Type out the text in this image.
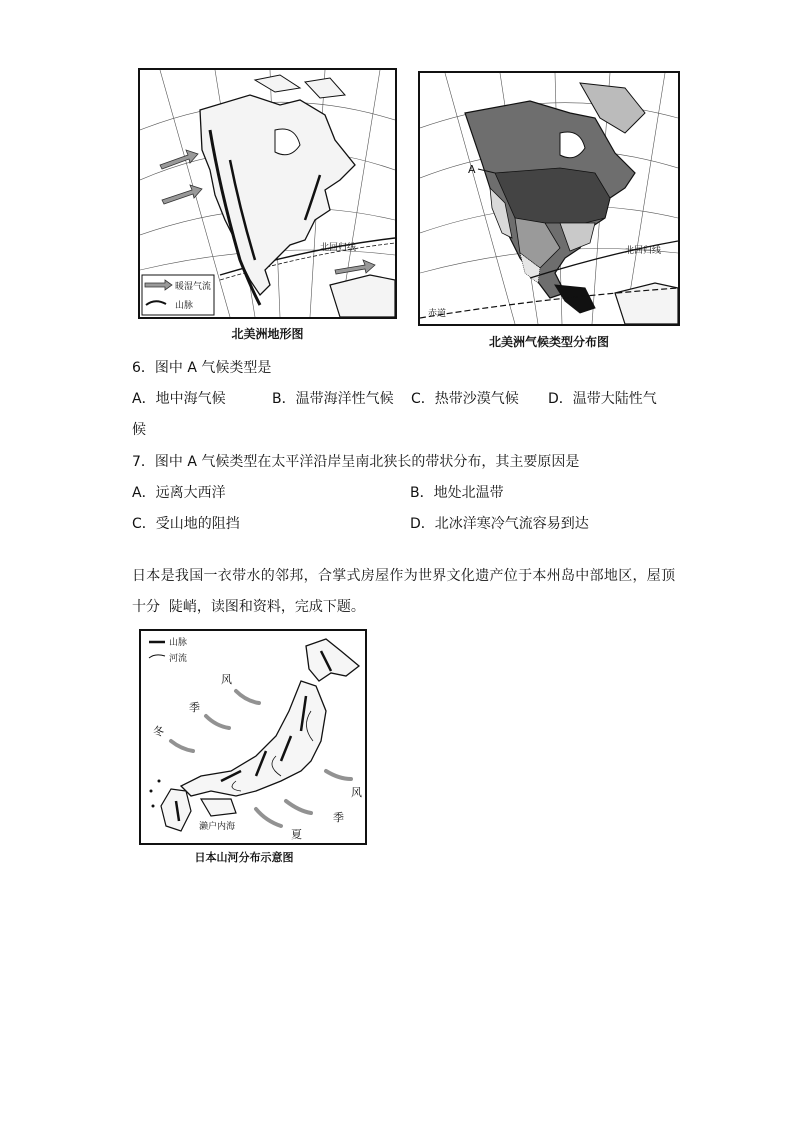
北回归线
暖湿气流
山脉
北美洲地形图
A
北回归线
赤道
北美洲气候类型分布图
6．图中 A 气候类型是
A．地中海气候	B．温带海洋性气候 C．热带沙漠气候 D．温带大陆性气
候
7．图中 A 气候类型在太平洋沿岸呈南北狭长的带状分布，其主要原因是
A．远离大西洋	B．地处北温带
C．受山地的阻挡	D．北冰洋寒冷气流容易到达
日本是我国一衣带水的邻邦，合掌式房屋作为世界文化遗产位于本州岛中部地区，屋顶
十分  陡峭，读图和资料，完成下题。
山脉
河流
风
季
冬
风
季
夏
濑户内海
日本山河分布示意图
